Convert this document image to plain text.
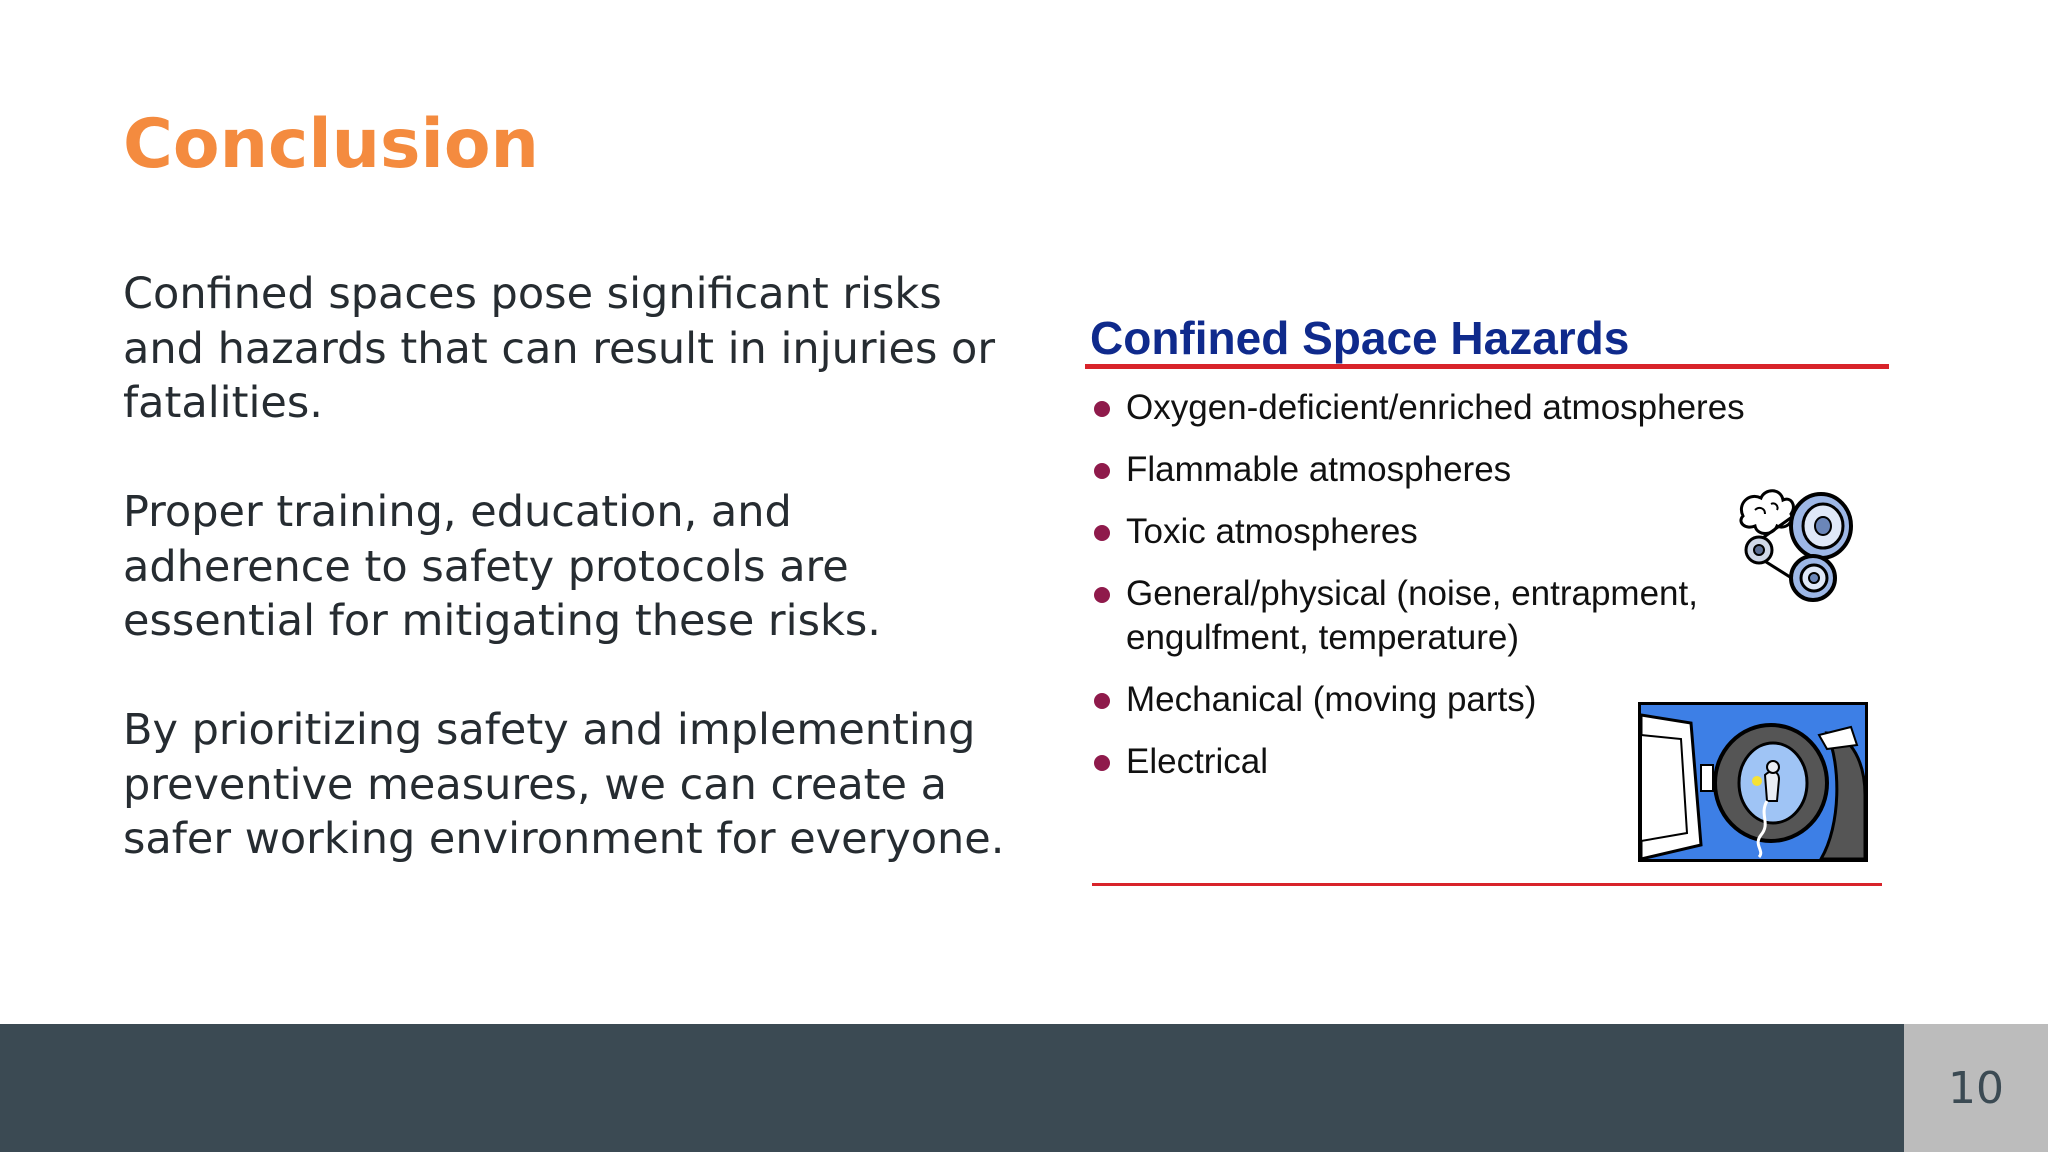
Conclusion

Confined spaces pose significant risks and hazards that can result in injuries or fatalities.

Proper training, education, and adherence to safety protocols are essential for mitigating these risks.

By prioritizing safety and implementing preventive measures, we can create a safer working environment for everyone.

Confined Space Hazards
Oxygen-deficient/enriched atmospheres
Flammable atmospheres
Toxic atmospheres
General/physical (noise, entrapment,
engulfment, temperature)
Mechanical (moving parts)
Electrical
10
